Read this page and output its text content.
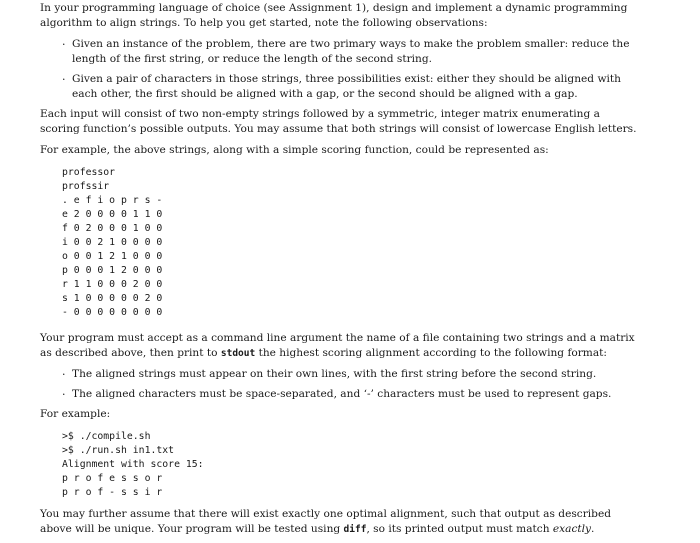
In your programming language of choice (see Assignment 1), design and implement a dynamic programming
algorithm to align strings. To help you get started, note the following observations:
· Given an instance of the problem, there are two primary ways to make the problem smaller: reduce the
length of the first string, or reduce the length of the second string.
· Given a pair of characters in those strings, three possibilities exist: either they should be aligned with
each other, the first should be aligned with a gap, or the second should be aligned with a gap.
Each input will consist of two non-empty strings followed by a symmetric, integer matrix enumerating a
scoring function’s possible outputs. You may assume that both strings will consist of lowercase English letters.
For example, the above strings, along with a simple scoring function, could be represented as:
professor
profssir
. e f i o p r s -
e 2 0 0 0 0 1 1 0
f 0 2 0 0 0 1 0 0
i 0 0 2 1 0 0 0 0
o 0 0 1 2 1 0 0 0
p 0 0 0 1 2 0 0 0
r 1 1 0 0 0 2 0 0
s 1 0 0 0 0 0 2 0
- 0 0 0 0 0 0 0 0
Your program must accept as a command line argument the name of a file containing two strings and a matrix
as described above, then print to stdout the highest scoring alignment according to the following format:
· The aligned strings must appear on their own lines, with the first string before the second string.
· The aligned characters must be space-separated, and ‘-’ characters must be used to represent gaps.
For example:
>$ ./compile.sh
>$ ./run.sh in1.txt
Alignment with score 15:
p r o f e s s o r
p r o f - s s i r
You may further assume that there will exist exactly one optimal alignment, such that output as described
above will be unique. Your program will be tested using diff, so its printed output must match exactly.
